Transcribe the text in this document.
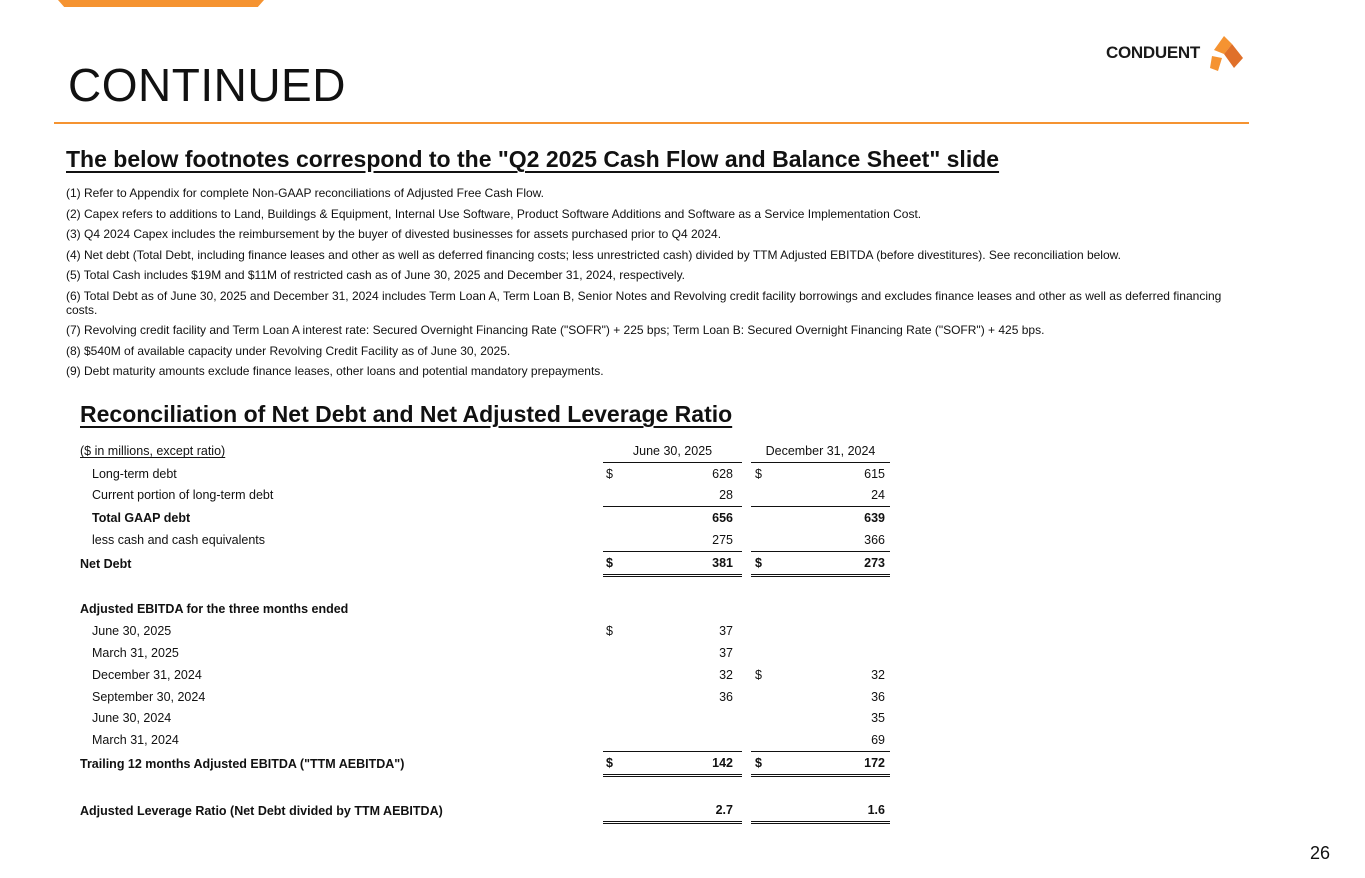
CONTINUED
CONDUENT
The below footnotes correspond to the "Q2 2025 Cash Flow and Balance Sheet" slide
(1) Refer to Appendix for complete Non-GAAP reconciliations of Adjusted Free Cash Flow.
(2) Capex refers to additions to Land, Buildings & Equipment, Internal Use Software, Product Software Additions and Software as a Service Implementation Cost.
(3) Q4 2024 Capex includes the reimbursement by the buyer of divested businesses for assets purchased prior to Q4 2024.
(4) Net debt (Total Debt, including finance leases and other as well as deferred financing costs; less unrestricted cash) divided by TTM Adjusted EBITDA (before divestitures). See reconciliation below.
(5) Total Cash includes $19M and $11M of restricted cash as of June 30, 2025 and December 31, 2024, respectively.
(6) Total Debt as of June 30, 2025 and December 31, 2024 includes Term Loan A, Term Loan B, Senior Notes and Revolving credit facility borrowings and excludes finance leases and other as well as deferred financing costs.
(7) Revolving credit facility and Term Loan A interest rate: Secured Overnight Financing Rate ("SOFR") + 225 bps; Term Loan B: Secured Overnight Financing Rate ("SOFR") + 425 bps.
(8) $540M of available capacity under Revolving Credit Facility as of June 30, 2025.
(9) Debt maturity amounts exclude finance leases, other loans and potential mandatory prepayments.
Reconciliation of Net Debt and Net Adjusted Leverage Ratio
($ in millions, except ratio)	June 30, 2025			December 31, 2024	
Long-term debt	$	628		$	615
Current portion of long-term debt		28			24
Total GAAP debt		656			639
less cash and cash equivalents		275			366
Net Debt	$	381		$	273

Adjusted EBITDA for the three months ended					
June 30, 2025	$	37			
March 31, 2025		37			
December 31, 2024		32		$	32
September 30, 2024		36			36
June 30, 2024					35
March 31, 2024					69
Trailing 12 months Adjusted EBITDA ("TTM AEBITDA")	$	142		$	172

Adjusted Leverage Ratio (Net Debt divided by TTM AEBITDA)		2.7			1.6
26
